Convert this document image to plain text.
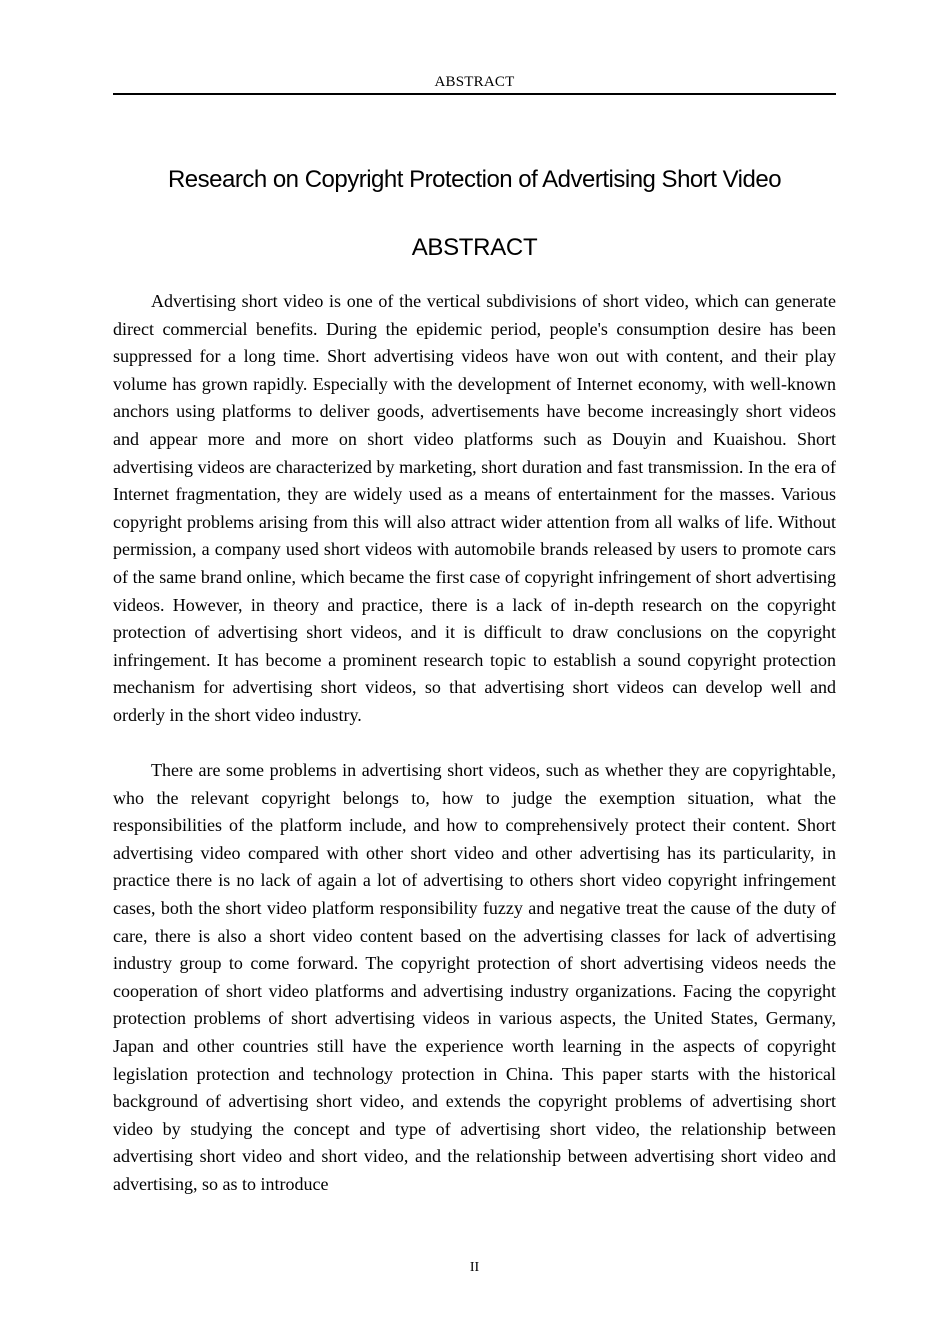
ABSTRACT
Research on Copyright Protection of Advertising Short Video
ABSTRACT

Advertising short video is one of the vertical subdivisions of short video, which can generate direct commercial benefits. During the epidemic period, people's consumption desire has been suppressed for a long time. Short advertising videos have won out with content, and their play volume has grown rapidly. Especially with the development of Internet economy, with well-known anchors using platforms to deliver goods, advertisements have become increasingly short videos and appear more and more on short video platforms such as Douyin and Kuaishou. Short advertising videos are characterized by marketing, short duration and fast transmission. In the era of Internet fragmentation, they are widely used as a means of entertainment for the masses. Various copyright problems arising from this will also attract wider attention from all walks of life. Without permission, a company used short videos with automobile brands released by users to promote cars of the same brand online, which became the first case of copyright infringement of short advertising videos. However, in theory and practice, there is a lack of in-depth research on the copyright protection of advertising short videos, and it is difficult to draw conclusions on the copyright infringement. It has become a prominent research topic to establish a sound copyright protection mechanism for advertising short videos, so that advertising short videos can develop well and orderly in the short video industry.

There are some problems in advertising short videos, such as whether they are copyrightable, who the relevant copyright belongs to, how to judge the exemption situation, what the responsibilities of the platform include, and how to comprehensively protect their content. Short advertising video compared with other short video and other advertising has its particularity, in practice there is no lack of again a lot of advertising to others short video copyright infringement cases, both the short video platform responsibility fuzzy and negative treat the cause of the duty of care, there is also a short video content based on the advertising classes for lack of advertising industry group to come forward. The copyright protection of short advertising videos needs the cooperation of short video platforms and advertising industry organizations. Facing the copyright protection problems of short advertising videos in various aspects, the United States, Germany, Japan and other countries still have the experience worth learning in the aspects of copyright legislation protection and technology protection in China. This paper starts with the historical background of advertising short video, and extends the copyright problems of advertising short video by studying the concept and type of advertising short video, the relationship between advertising short video and short video, and the relationship between advertising short video and advertising, so as to introduce

II
